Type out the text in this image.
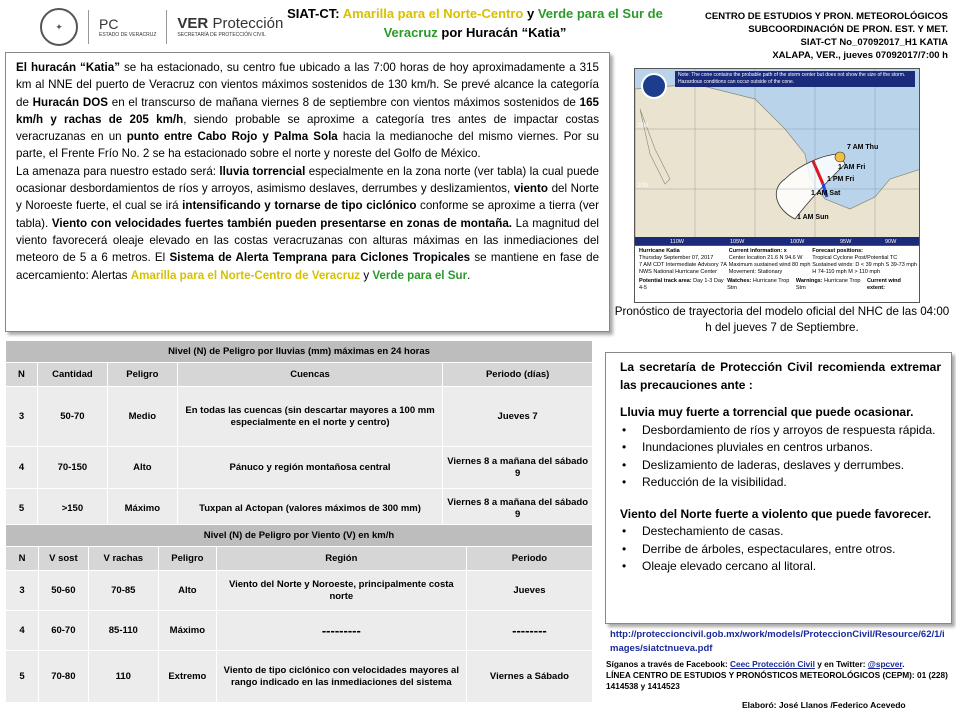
✦	PC
ESTADO DE VERACRUZ
VER Protección
SECRETARÍA DE PROTECCIÓN CIVIL
SIAT-CT: Amarilla para el Norte-Centro y Verde para el Sur de Veracruz por Huracán “Katia”
CENTRO DE ESTUDIOS Y PRON. METEOROLÓGICOS
SUBCOORDINACIÓN DE PRON. EST. Y MET.
SIAT-CT No_07092017_H1 KATIA
XALAPA, VER., jueves 07092017/7:00 h
El huracán “Katia” se ha estacionado, su centro fue ubicado a las 7:00 horas de hoy aproximadamente a 315 km al NNE del puerto de Veracruz con vientos máximos sostenidos de 130 km/h. Se prevé alcance la categoría de Huracán DOS en el transcurso de mañana viernes 8 de septiembre con vientos máximos sostenidos de 165 km/h y rachas de 205 km/h, siendo probable se aproxime a categoría tres antes de impactar costas veracruzanas en un punto entre Cabo Rojo y Palma Sola hacia la medianoche del mismo viernes. Por su parte, el Frente Frío No. 2 se ha estacionado sobre el norte y noreste del Golfo de México.
La amenaza para nuestro estado será: lluvia torrencial especialmente en la zona norte (ver tabla) la cual puede ocasionar desbordamientos de ríos y arroyos, asimismo deslaves, derrumbes y deslizamientos, viento del Norte y Noroeste fuerte, el cual se irá intensificando y tornarse de tipo ciclónico conforme se aproxime a tierra (ver tabla). Viento con velocidades fuertes también pueden presentarse en zonas de montaña. La magnitud del viento favorecerá oleaje elevado en las costas veracruzanas con alturas máximas en las inmediaciones del meteoro de 5 a 6 metros. El Sistema de Alerta Temprana para Ciclones Tropicales se mantiene en fase de acercamiento: Alertas Amarilla para el Norte-Centro de Veracruz y Verde para el Sur.
7 AM Thu
1 AM Fri
1 PM Fri
1 AM Sat
1 AM Sun
25N
20N
110W	105W	100W	95W	90W
Note: The cone contains the probable path of the storm center but does not show the size of the storm. Hazardous conditions can occur outside of the cone.
Hurricane Katia
Thursday September 07, 2017
7 AM CDT Intermediate Advisory 7A
NWS National Hurricane Center
Current information: x
Center location 21.6 N 94.6 W
Maximum sustained wind 80 mph
Movement: Stationary
Forecast positions:
Tropical Cyclone Post/Potential TC
Sustained winds: D < 39 mph S 39-73 mph
H 74-110 mph M > 110 mph
Potential track area: Day 1-3 Day 4-5
Watches: Hurricane Trop Stm
Warnings: Hurricane Trop Stm
Current wind extent:
Pronóstico de trayectoria del modelo oficial del NHC de las 04:00 h del jueves 7 de Septiembre.
Nivel (N) de Peligro por lluvias (mm) máximas en 24 horas				
N	Cantidad	Peligro	Cuencas	Periodo (días)
3	50-70	Medio	En todas las cuencas (sin descartar mayores a 100 mm especialmente en el norte y centro)	Jueves 7
4	70-150	Alto	Pánuco y región montañosa central	Viernes 8 a mañana del sábado 9
5	>150	Máximo	Tuxpan al Actopan (valores máximos de 300 mm)	Viernes 8 a mañana del sábado 9
Nivel (N) de Peligro por Viento (V) en km/h					
N	V sost	V rachas	Peligro	Región	Periodo
3	50-60	70-85	Alto	Viento del Norte y Noroeste, principalmente costa norte	Jueves
4	60-70	85-110	Máximo	---------	--------
5	70-80	110	Extremo	Viento de tipo ciclónico con velocidades mayores al rango indicado en las inmediaciones del sistema	Viernes a Sábado
La secretaría de Protección Civil recomienda extremar las precauciones ante :
Lluvia muy fuerte a torrencial que puede ocasionar.
• Desbordamiento de ríos y arroyos de respuesta rápida.
• Inundaciones pluviales en centros urbanos.
• Deslizamiento de laderas, deslaves y derrumbes.
• Reducción de la visibilidad.
Viento del Norte fuerte a violento que puede favorecer.
• Destechamiento de casas.
• Derribe de árboles, espectaculares, entre otros.
• Oleaje elevado cercano al litoral.
http://proteccioncivil.gob.mx/work/models/ProteccionCivil/Resource/62/1/images/siatctnueva.pdf
Síganos a través de Facebook: Ceec Protección Civil y en Twitter: @spcver.
LÍNEA CENTRO DE ESTUDIOS Y PRONÓSTICOS METEOROLÓGICOS (CEPM): 01 (228) 1414538 y 1414523
Elaboró: José Llanos /Federico Acevedo
